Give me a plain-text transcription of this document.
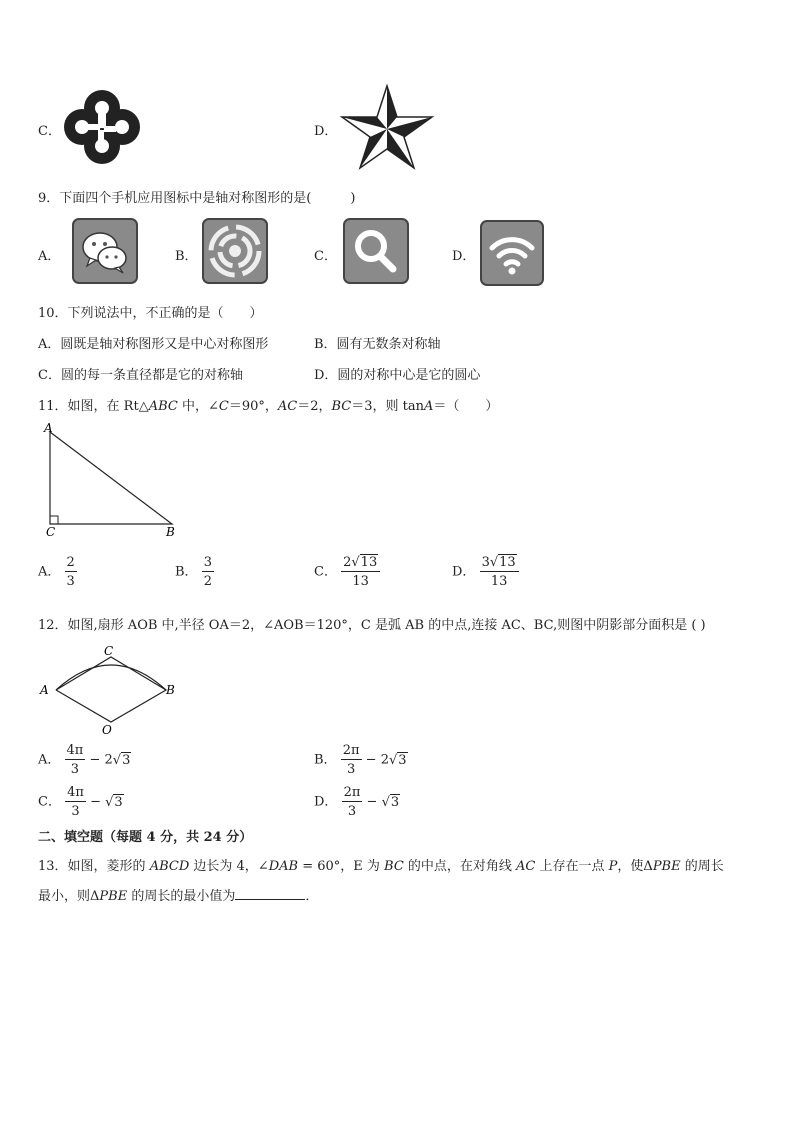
C．	D．
9．下面四个手机应用图标中是轴对称图形的是(　　　)
A．	B．	C．	D．
10．下列说法中，不正确的是（　　）
A．圆既是轴对称图形又是中心对称图形	B．圆有无数条对称轴
C．圆的每一条直径都是它的对称轴	D．圆的对称中心是它的圆心
11．如图，在 Rt△ABC 中，∠C＝90°，AC＝2，BC＝3，则 tanA＝（　　）
A
C	B
A． $\frac{2}{3}$	B． $\frac{3}{2}$	C． $\frac{2√13}{13}$	D． $\frac{3√13}{13}$
12．如图,扇形 AOB 中,半径 OA＝2，∠AOB＝120°，C 是弧 AB 的中点,连接 AC、BC,则图中阴影部分面积是 ( )
C
A	B
O
A． $\frac{4\pi}{3} - 2√3$	B． $\frac{2\pi}{3} - 2√3$
C． $\frac{4\pi}{3} - √3$	D． $\frac{2\pi}{3} - √3$
二、填空题（每题 4 分，共 24 分）
13．如图，菱形的 ABCD 边长为 4，∠DAB = 60°，E 为 BC 的中点，在对角线 AC 上存在一点 P，使ΔPBE 的周长
最小，则ΔPBE 的周长的最小值为	．
